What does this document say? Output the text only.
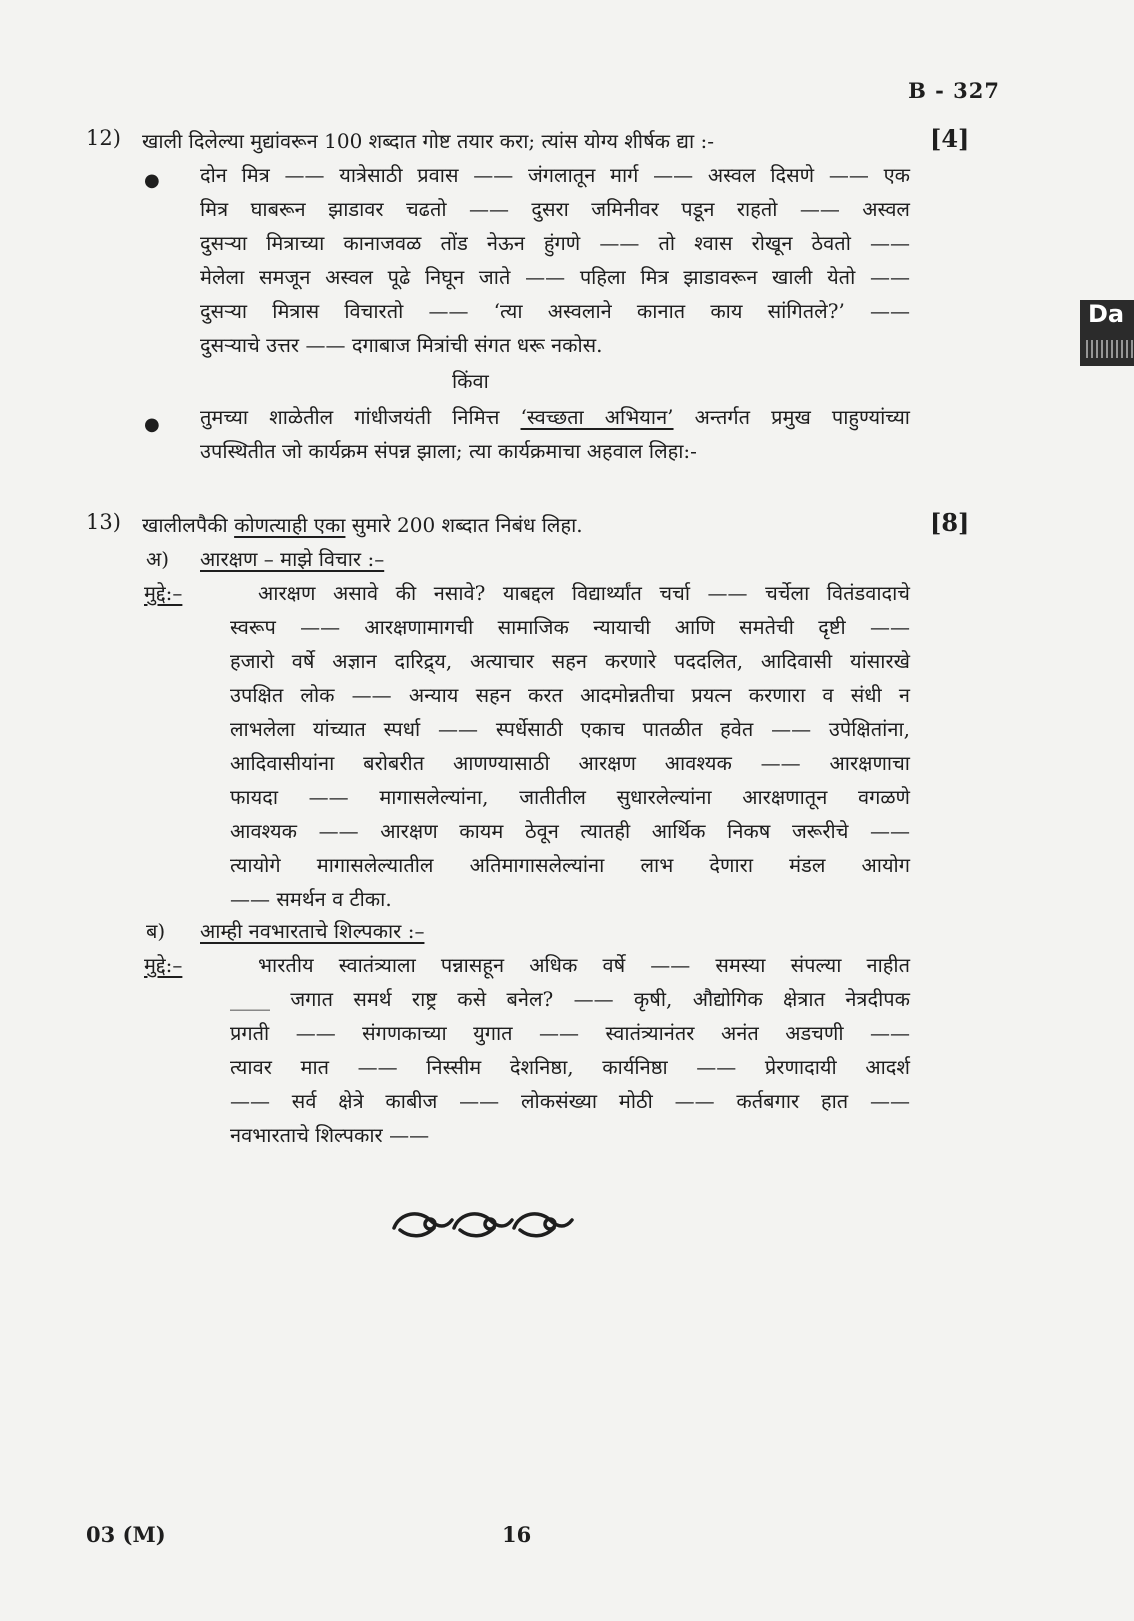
B - 327
Da
12) खाली दिलेल्या मुद्यांवरून 100 शब्दात गोष्ट तयार करा; त्यांस योग्य शीर्षक द्या :-	[4]
● दोन मित्र —— यात्रेसाठी प्रवास —— जंगलातून मार्ग —— अस्वल दिसणे —— एक
मित्र घाबरून झाडावर चढतो —— दुसरा जमिनीवर पडून राहतो —— अस्वल
दुसऱ्या मित्राच्या कानाजवळ तोंड नेऊन हुंगणे —— तो श्वास रोखून ठेवतो ——
मेलेला समजून अस्वल पूढे निघून जाते —— पहिला मित्र झाडावरून खाली येतो ——
दुसऱ्या मित्रास विचारतो —— ‘त्या अस्वलाने कानात काय सांगितले?’ ——
दुसऱ्याचे उत्तर —— दगाबाज मित्रांची संगत धरू नकोस.
किंवा
● तुमच्या शाळेतील गांधीजयंती निमित्त ‘स्वच्छता अभियान’ अन्तर्गत प्रमुख पाहुण्यांच्या
उपस्थितीत जो कार्यक्रम संपन्न झाला; त्या कार्यक्रमाचा अहवाल लिहा:-
13) खालीलपैकी कोणत्याही एका सुमारे 200 शब्दात निबंध लिहा.	[8]
अ) आरक्षण – माझे विचार :–
मुद्दे:–	आरक्षण असावे की नसावे? याबद्दल विद्यार्थ्यांत चर्चा —— चर्चेला वितंडवादाचे
स्वरूप —— आरक्षणामागची सामाजिक न्यायाची आणि समतेची दृष्टी ——
हजारो वर्षे अज्ञान दारिद्र्य, अत्याचार सहन करणारे पददलित, आदिवासी यांसारखे
उपक्षित लोक —— अन्याय सहन करत आदमोन्नतीचा प्रयत्न करणारा व संधी न
लाभलेला यांच्यात स्पर्धा —— स्पर्धेसाठी एकाच पातळीत हवेत —— उपेक्षितांना,
आदिवासीयांना बरोबरीत आणण्यासाठी आरक्षण आवश्यक —— आरक्षणाचा
फायदा —— मागासलेल्यांना, जातीतील सुधारलेल्यांना आरक्षणातून वगळणे
आवश्यक —— आरक्षण कायम ठेवून त्यातही आर्थिक निकष जरूरीचे ——
त्यायोगे मागासलेल्यातील अतिमागासलेल्यांना लाभ देणारा मंडल आयोग
—— समर्थन व टीका.
ब) आम्ही नवभारताचे शिल्पकार :–
मुद्दे:–	भारतीय स्वातंत्र्याला पन्नासहून अधिक वर्षे —— समस्या संपल्या नाहीत
____ जगात समर्थ राष्ट्र कसे बनेल? —— कृषी, औद्योगिक क्षेत्रात नेत्रदीपक
प्रगती —— संगणकाच्या युगात —— स्वातंत्र्यानंतर अनंत अडचणी ——
त्यावर मात —— निस्सीम देशनिष्ठा, कार्यनिष्ठा —— प्रेरणादायी आदर्श
—— सर्व क्षेत्रे काबीज —— लोकसंख्या मोठी —— कर्तबगार हात ——
नवभारताचे शिल्पकार ——
03 (M)	16
